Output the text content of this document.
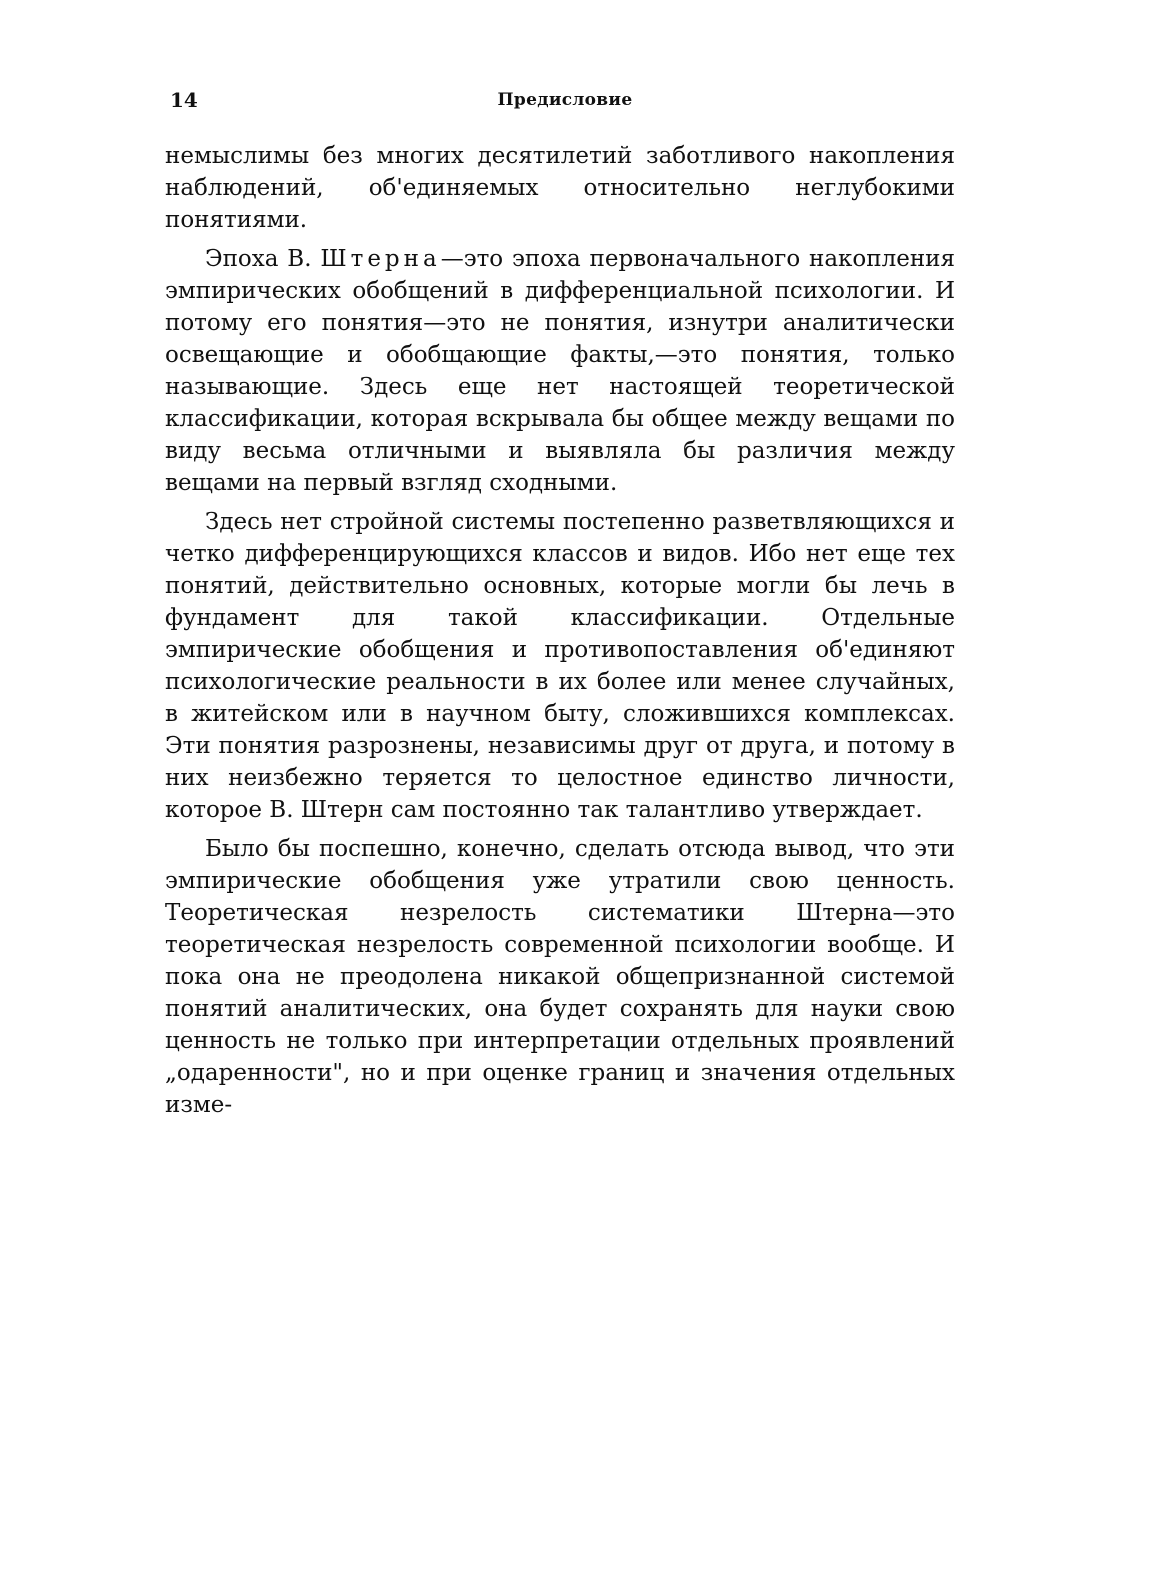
14	Предисловие

немыслимы без многих десятилетий заботливого накопления наблюдений, об'единяемых относительно неглубокими понятиями.

Эпоха В. Штерна—это эпоха первоначального накопления эмпирических обобщений в дифференциальной психологии. И потому его понятия—это не понятия, изнутри аналитически освещающие и обобщающие факты,—это понятия, только называющие. Здесь еще нет настоящей теоретической классификации, которая вскрывала бы общее между вещами по виду весьма отличными и выявляла бы различия между вещами на первый взгляд сходными.

Здесь нет стройной системы постепенно разветвляющихся и четко дифференцирующихся классов и видов. Ибо нет еще тех понятий, действительно основных, которые могли бы лечь в фундамент для такой классификации. Отдельные эмпирические обобщения и противопоставления об'единяют психологические реальности в их более или менее случайных, в житейском или в научном быту, сложившихся комплексах. Эти понятия разрознены, независимы друг от друга, и потому в них неизбежно теряется то целостное единство личности, которое В. Штерн сам постоянно так талантливо утверждает.

Было бы поспешно, конечно, сделать отсюда вывод, что эти эмпирические обобщения уже утратили свою ценность. Теоретическая незрелость систематики Штерна—это теоретическая незрелость современной психологии вообще. И пока она не преодолена никакой общепризнанной системой понятий аналитических, она будет сохранять для науки свою ценность не только при интерпретации отдельных проявлений „одаренности", но и при оценке границ и значения отдельных изме-
